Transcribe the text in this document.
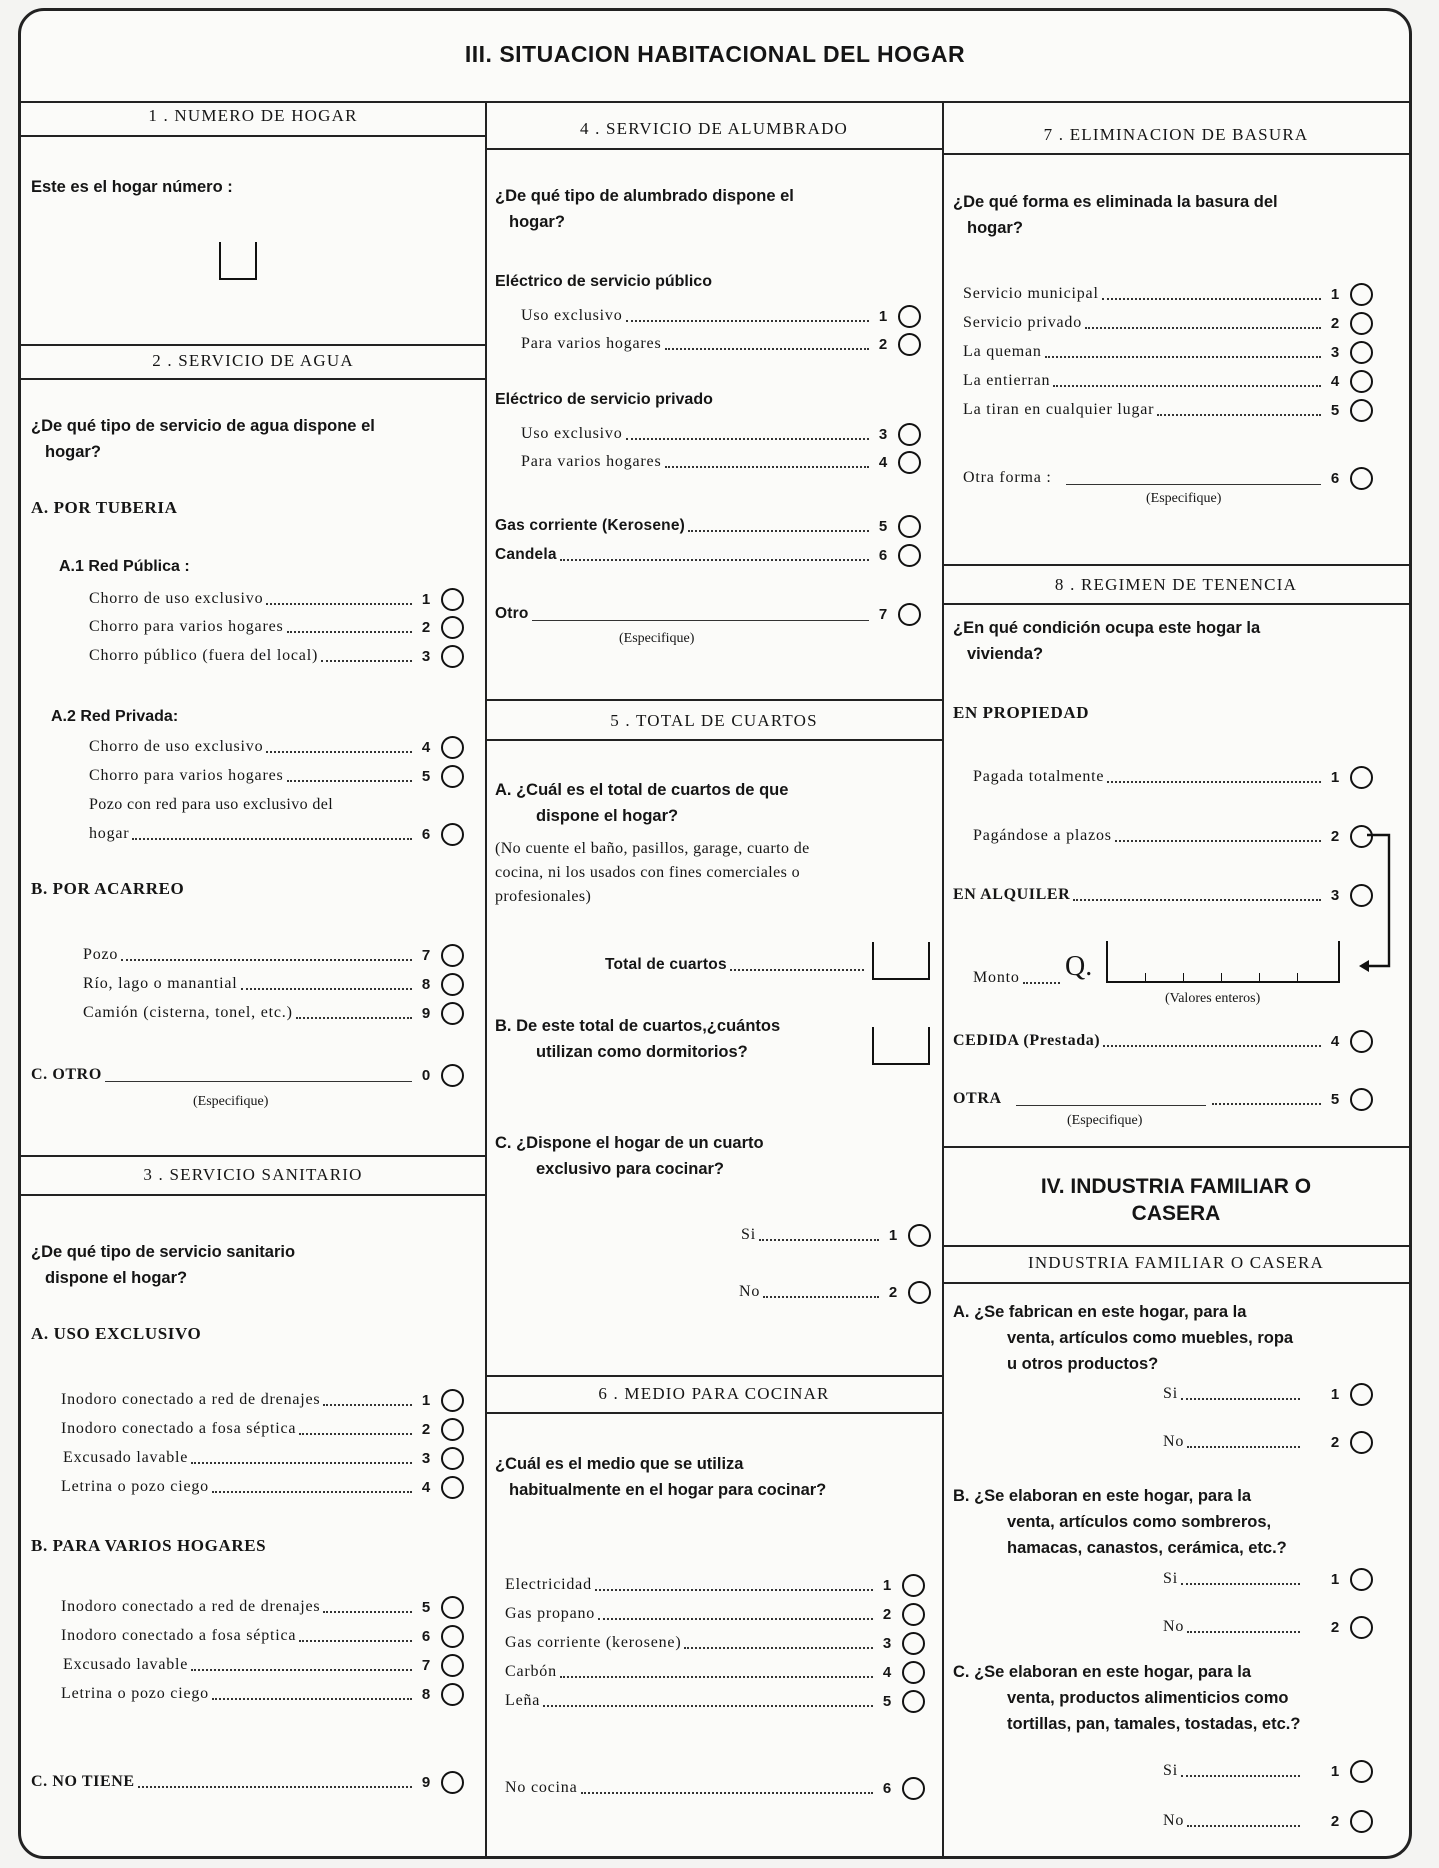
III. SITUACION HABITACIONAL DEL HOGAR
1 . NUMERO DE HOGAR
Este es el hogar número :
2 . SERVICIO DE AGUA
¿De qué tipo de servicio de agua dispone el
hogar?
A. POR TUBERIA
A.1 Red Pública :
Chorro de uso exclusivo	1
Chorro para varios hogares	2
Chorro público (fuera del local)	3
A.2 Red Privada:
Chorro de uso exclusivo	4
Chorro para varios hogares	5
Pozo con red para uso exclusivo del
hogar	6
B. POR ACARREO
Pozo	7
Río, lago o manantial	8
Camión (cisterna, tonel, etc.)	9
C. OTRO	0
(Especifique)
3 . SERVICIO SANITARIO
¿De qué tipo de servicio sanitario
dispone el hogar?
A. USO EXCLUSIVO
Inodoro conectado a red de drenajes	1
Inodoro conectado a fosa séptica	2
Excusado lavable	3
Letrina o pozo ciego	4
B. PARA VARIOS HOGARES
Inodoro conectado a red de drenajes	5
Inodoro conectado a fosa séptica	6
Excusado lavable	7
Letrina o pozo ciego	8
C. NO TIENE	9
4 . SERVICIO DE ALUMBRADO
¿De qué tipo de alumbrado dispone el
hogar?
Eléctrico de servicio público
Uso exclusivo	1
Para varios hogares	2
Eléctrico de servicio privado
Uso exclusivo	3
Para varios hogares	4
Gas corriente (Kerosene)	5
Candela	6
Otro	7
(Especifique)
5 . TOTAL DE CUARTOS
A. ¿Cuál es el total de cuartos de que
dispone el hogar?
(No cuente el baño, pasillos, garage, cuarto de
cocina, ni los usados con fines comerciales o
profesionales)
Total de cuartos
B. De este total de cuartos,¿cuántos
utilizan como dormitorios?
C. ¿Dispone el hogar de un cuarto
exclusivo para cocinar?
Si	1
No	2
6 . MEDIO PARA COCINAR
¿Cuál es el medio que se utiliza
habitualmente en el hogar para cocinar?
Electricidad	1
Gas propano	2
Gas corriente (kerosene)	3
Carbón	4
Leña	5
No cocina	6
7 . ELIMINACION DE BASURA
¿De qué forma es eliminada la basura del
hogar?
Servicio municipal	1
Servicio privado	2
La queman	3
La entierran	4
La tiran en cualquier lugar	5
Otra forma :	6
(Especifique)
8 . REGIMEN DE TENENCIA
¿En qué condición ocupa este hogar la
vivienda?
EN PROPIEDAD
Pagada totalmente	1
Pagándose a plazos	2
EN ALQUILER	3
Monto Q.
(Valores enteros)
CEDIDA (Prestada)	4
OTRA	5
(Especifique)
IV. INDUSTRIA FAMILIAR O
CASERA
INDUSTRIA FAMILIAR O CASERA
A. ¿Se fabrican en este hogar, para la
venta, artículos como muebles, ropa
u otros productos?
Si	1
No	2
B. ¿Se elaboran en este hogar, para la
venta, artículos como sombreros,
hamacas, canastos, cerámica, etc.?
Si	1
No	2
C. ¿Se elaboran en este hogar, para la
venta, productos alimenticios como
tortillas, pan, tamales, tostadas, etc.?
Si	1
No	2
